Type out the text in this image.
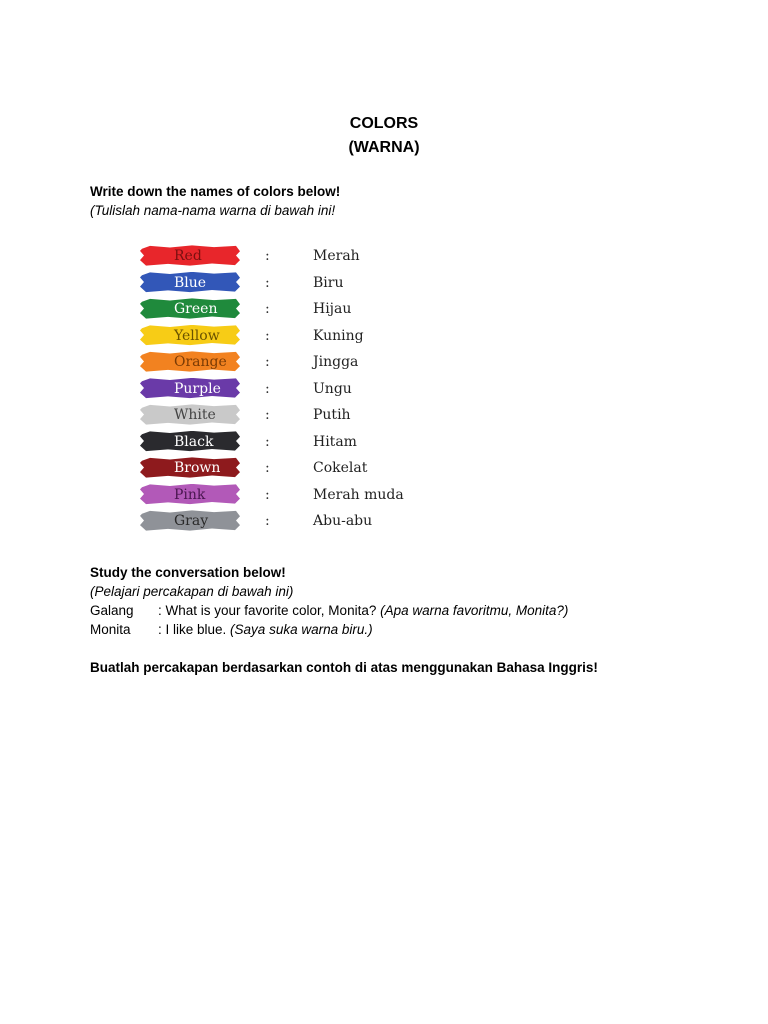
COLORS
(WARNA)
Write down the names of colors below!
(Tulislah nama-nama warna di bawah ini!
Red	:	Merah
Blue	:	Biru
Green	:	Hijau
Yellow	:	Kuning
Orange	:	Jingga
Purple	:	Ungu
White	:	Putih
Black	:	Hitam
Brown	:	Cokelat
Pink	:	Merah muda
Gray	:	Abu-abu
Study the conversation below!
(Pelajari percakapan di bawah ini)
Galang : What is your favorite color, Monita? (Apa warna favoritmu, Monita?)
Monita : I like blue. (Saya suka warna biru.)
Buatlah percakapan berdasarkan contoh di atas menggunakan Bahasa Inggris!
